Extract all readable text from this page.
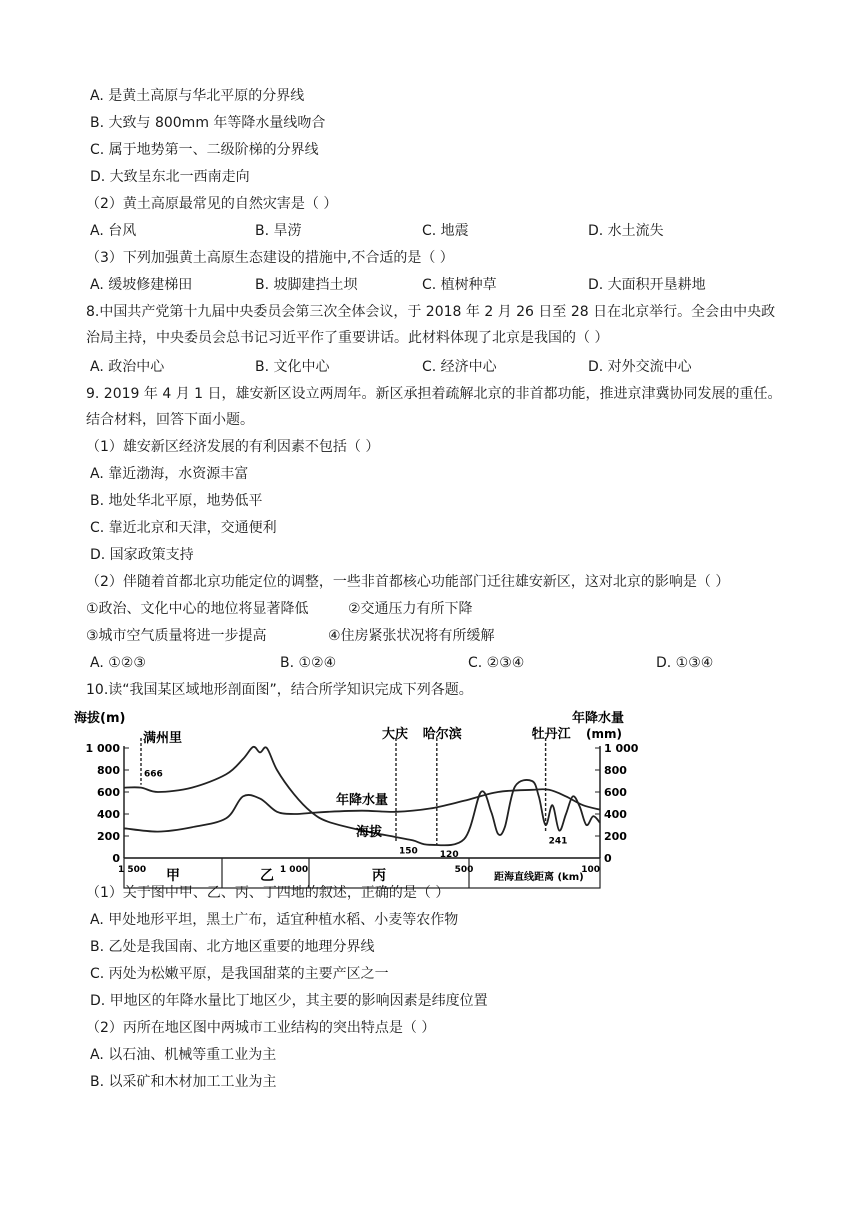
A. 是黄土高原与华北平原的分界线
B. 大致与 800mm 年等降水量线吻合
C. 属于地势第一、二级阶梯的分界线
D. 大致呈东北一西南走向
（2）黄土高原最常见的自然灾害是（ ）
A. 台风	B. 旱涝	C. 地震	D. 水土流失
（3）下列加强黄土高原生态建设的措施中,不合适的是（ ）
A. 缓坡修建梯田	B. 坡脚建挡土坝	C. 植树种草	D. 大面积开垦耕地
8.中国共产党第十九届中央委员会第三次全体会议，于 2018 年 2 月 26 日至 28 日在北京举行。全会由中央政治局主持，中央委员会总书记习近平作了重要讲话。此材料体现了北京是我国的（ ）
A. 政治中心	B. 文化中心	C. 经济中心	D. 对外交流中心
9. 2019 年 4 月 1 日，雄安新区设立两周年。新区承担着疏解北京的非首都功能，推进京津冀协同发展的重任。结合材料，回答下面小题。
（1）雄安新区经济发展的有利因素不包括（ ）
A. 靠近渤海，水资源丰富
B. 地处华北平原，地势低平
C. 靠近北京和天津，交通便利
D. 国家政策支持
（2）伴随着首都北京功能定位的调整，一些非首都核心功能部门迁往雄安新区，这对北京的影响是（ ）
①政治、文化中心的地位将显著降低	②交通压力有所下降
③城市空气质量将进一步提高	④住房紧张状况将有所缓解
A. ①②③	B. ①②④	C. ②③④	D. ①③④
10.读“我国某区域地形剖面图”，结合所学知识完成下列各题。
海拔(m)	年降水量
(mm)
1 000
800
600
400
200
0
1 000
800
600
400
200
0
满州里
666
大庆
150
哈尔滨
120
牡丹江
241
年降水量
海拔
1 500	1 000	500	100
甲	乙	丙	距海直线距离 (km)
（1）关于图中甲、乙、丙、丁四地的叙述，正确的是（ ）
A. 甲处地形平坦，黑土广布，适宜种植水稻、小麦等农作物
B. 乙处是我国南、北方地区重要的地理分界线
C. 丙处为松嫩平原，是我国甜菜的主要产区之一
D. 甲地区的年降水量比丁地区少，其主要的影响因素是纬度位置
（2）丙所在地区图中两城市工业结构的突出特点是（ ）
A. 以石油、机械等重工业为主
B. 以采矿和木材加工工业为主
